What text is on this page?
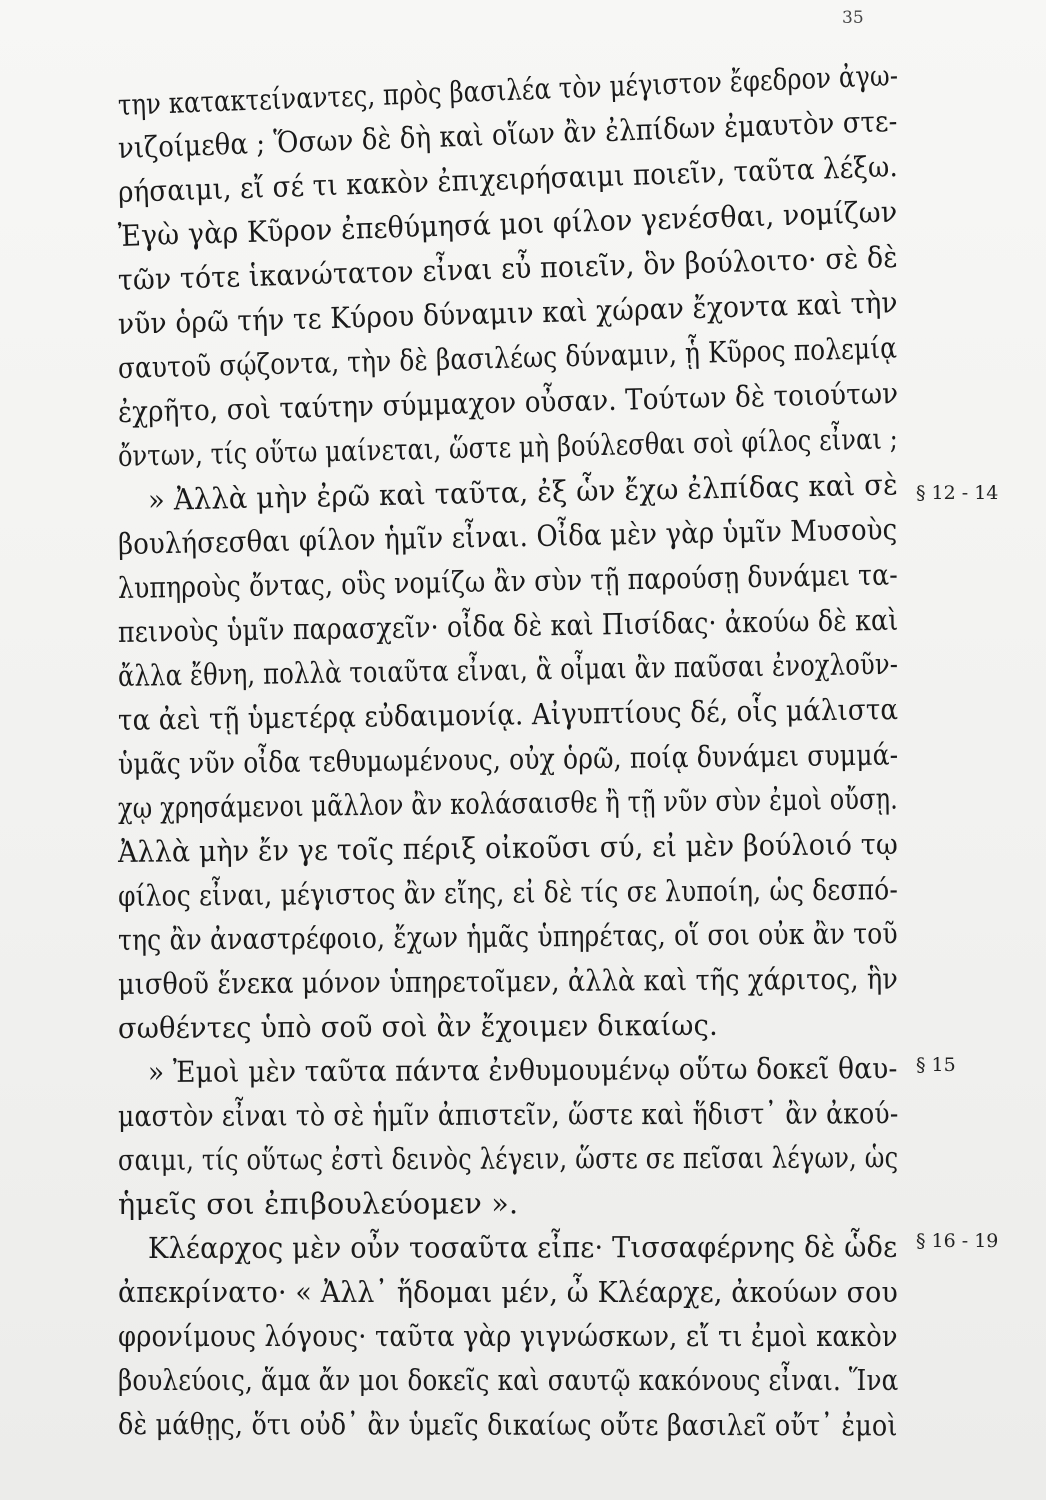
35
την κατακτείναντες, πρὸς βασιλέα τὸν μέγιστον ἔφεδρον ἀγω-
νιζοίμεθα ; Ὅσων δὲ δὴ καὶ οἵων ἂν ἐλπίδων ἐμαυτὸν στε-
ρήσαιμι, εἴ σέ τι κακὸν ἐπιχειρήσαιμι ποιεῖν, ταῦτα λέξω.
Ἐγὼ γὰρ Κῦρον ἐπεθύμησά μοι φίλον γενέσθαι, νομίζων
τῶν τότε ἱκανώτατον εἶναι εὖ ποιεῖν, ὃν βούλοιτο· σὲ δὲ
νῦν ὁρῶ τήν τε Κύρου δύναμιν καὶ χώραν ἔχοντα καὶ τὴν
σαυτοῦ σῴζοντα, τὴν δὲ βασιλέως δύναμιν, ᾗ Κῦρος πολεμίᾳ
ἐχρῆτο, σοὶ ταύτην σύμμαχον οὖσαν. Τούτων δὲ τοιούτων
ὄντων, τίς οὕτω μαίνεται, ὥστε μὴ βούλεσθαι σοὶ φίλος εἶναι ;
» Ἀλλὰ μὴν ἐρῶ καὶ ταῦτα, ἐξ ὧν ἔχω ἐλπίδας καὶ σὲ
βουλήσεσθαι φίλον ἡμῖν εἶναι. Οἶδα μὲν γὰρ ὑμῖν Μυσοὺς
λυπηροὺς ὄντας, οὓς νομίζω ἂν σὺν τῇ παρούσῃ δυνάμει τα-
πεινοὺς ὑμῖν παρασχεῖν· οἶδα δὲ καὶ Πισίδας· ἀκούω δὲ καὶ
ἄλλα ἔθνη, πολλὰ τοιαῦτα εἶναι, ἃ οἶμαι ἂν παῦσαι ἐνοχλοῦν-
τα ἀεὶ τῇ ὑμετέρᾳ εὐδαιμονίᾳ. Αἰγυπτίους δέ, οἷς μάλιστα
ὑμᾶς νῦν οἶδα τεθυμωμένους, οὐχ ὁρῶ, ποίᾳ δυνάμει συμμά-
χῳ χρησάμενοι μᾶλλον ἂν κολάσαισθε ἢ τῇ νῦν σὺν ἐμοὶ οὔσῃ.
Ἀλλὰ μὴν ἔν γε τοῖς πέριξ οἰκοῦσι σύ, εἰ μὲν βούλοιό τῳ
φίλος εἶναι, μέγιστος ἂν εἴης, εἰ δὲ τίς σε λυποίη, ὡς δεσπό-
της ἂν ἀναστρέφοιο, ἔχων ἡμᾶς ὑπηρέτας, οἵ σοι οὐκ ἂν τοῦ
μισθοῦ ἕνεκα μόνον ὑπηρετοῖμεν, ἀλλὰ καὶ τῆς χάριτος, ἣν
σωθέντες ὑπὸ σοῦ σοὶ ἂν ἔχοιμεν δικαίως.
» Ἐμοὶ μὲν ταῦτα πάντα ἐνθυμουμένῳ οὕτω δοκεῖ θαυ-
μαστὸν εἶναι τὸ σὲ ἡμῖν ἀπιστεῖν, ὥστε καὶ ἥδιστ᾽ ἂν ἀκού-
σαιμι, τίς οὕτως ἐστὶ δεινὸς λέγειν, ὥστε σε πεῖσαι λέγων, ὡς
ἡμεῖς σοι ἐπιβουλεύομεν ».
Κλέαρχος μὲν οὖν τοσαῦτα εἶπε· Τισσαφέρνης δὲ ὧδε
ἀπεκρίνατο· « Ἀλλ᾽ ἥδομαι μέν, ὦ Κλέαρχε, ἀκούων σου
φρονίμους λόγους· ταῦτα γὰρ γιγνώσκων, εἴ τι ἐμοὶ κακὸν
βουλεύοις, ἅμα ἄν μοι δοκεῖς καὶ σαυτῷ κακόνους εἶναι. Ἵνα
δὲ μάθῃς, ὅτι οὐδ᾽ ἂν ὑμεῖς δικαίως οὔτε βασιλεῖ οὔτ᾽ ἐμοὶ
§ 12 - 14
§ 15
§ 16 - 19
